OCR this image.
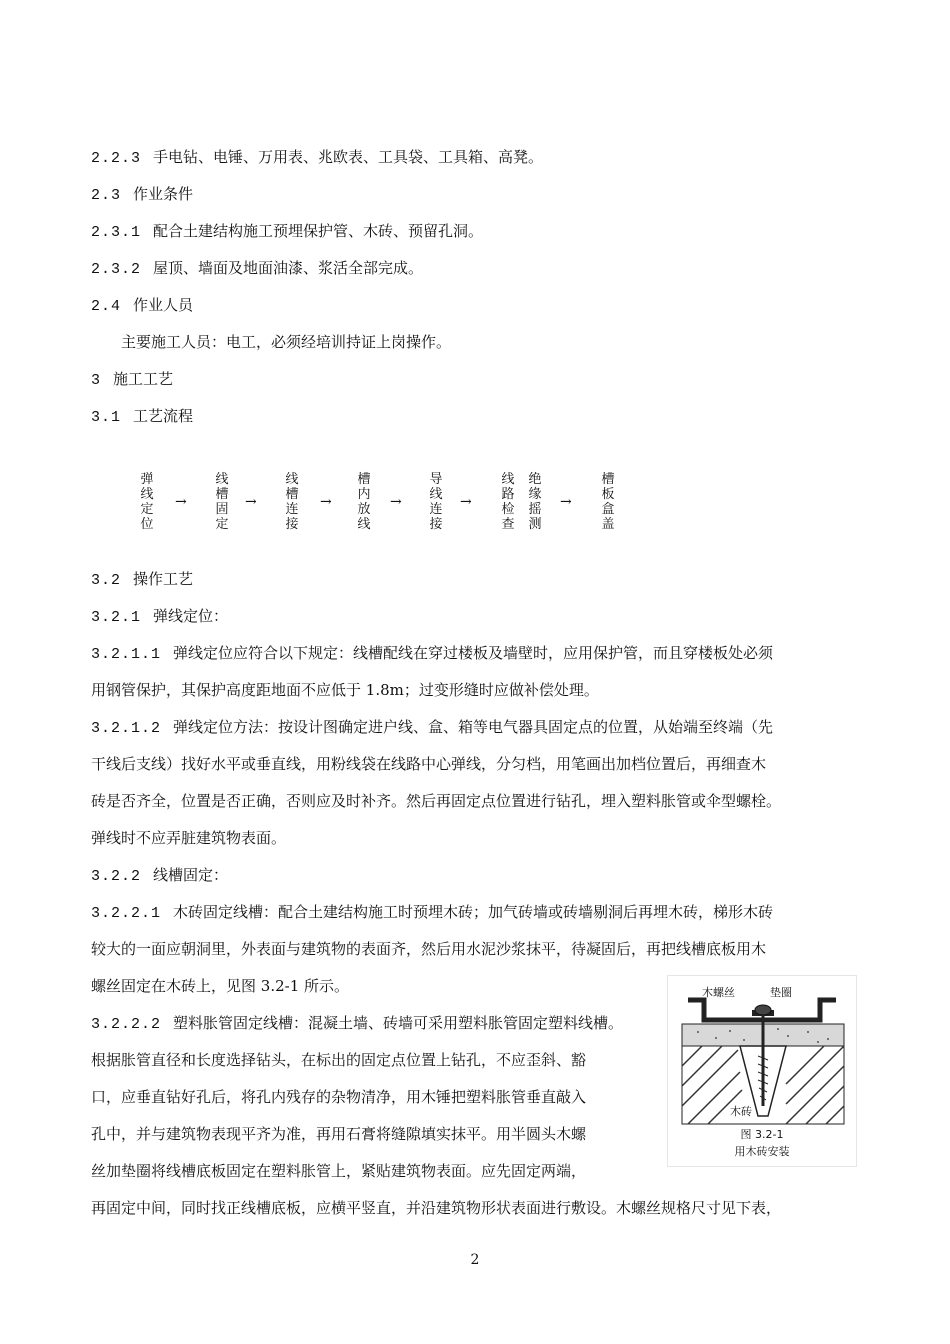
2.2.3 手电钻、电锤、万用表、兆欧表、工具袋、工具箱、高凳。

2.3 作业条件

2.3.1 配合土建结构施工预埋保护管、木砖、预留孔洞。

2.3.2 屋顶、墙面及地面油漆、浆活全部完成。

2.4 作业人员

主要施工人员：电工，必须经培训持证上岗操作。

3 施工工艺

3.1 工艺流程

弹
线
定
位
→
线
槽
固
定
→
线
槽
连
接
→
槽
内
放
线
→
导
线
连
接
→
线
路
检
查
绝
缘
摇
测
→
槽
板
盒
盖

3.2 操作工艺

3.2.1 弹线定位：

3.2.1.1 弹线定位应符合以下规定：线槽配线在穿过楼板及墙壁时，应用保护管，而且穿楼板处必须

用钢管保护，其保护高度距地面不应低于 1.8m；过变形缝时应做补偿处理。

3.2.1.2 弹线定位方法：按设计图确定进户线、盒、箱等电气器具固定点的位置，从始端至终端（先

干线后支线）找好水平或垂直线，用粉线袋在线路中心弹线，分匀档，用笔画出加档位置后，再细查木

砖是否齐全，位置是否正确，否则应及时补齐。然后再固定点位置进行钻孔，埋入塑料胀管或伞型螺栓。

弹线时不应弄脏建筑物表面。

3.2.2 线槽固定：

3.2.2.1 木砖固定线槽：配合土建结构施工时预埋木砖；加气砖墙或砖墙剔洞后再埋木砖，梯形木砖

较大的一面应朝洞里，外表面与建筑物的表面齐，然后用水泥沙浆抹平，待凝固后，再把线槽底板用木

螺丝固定在木砖上，见图 3.2-1 所示。

3.2.2.2 塑料胀管固定线槽：混凝土墙、砖墙可采用塑料胀管固定塑料线槽。

根据胀管直径和长度选择钻头，在标出的固定点位置上钻孔，不应歪斜、豁

口，应垂直钻好孔后，将孔内残存的杂物清净，用木锤把塑料胀管垂直敲入

孔中，并与建筑物表现平齐为准，再用石膏将缝隙填实抹平。用半圆头木螺

丝加垫圈将线槽底板固定在塑料胀管上，紧贴建筑物表面。应先固定两端，

再固定中间，同时找正线槽底板，应横平竖直，并沿建筑物形状表面进行敷设。木螺丝规格尺寸见下表，

木螺丝	垫圈
木砖
图 3.2-1
用木砖安装
2
